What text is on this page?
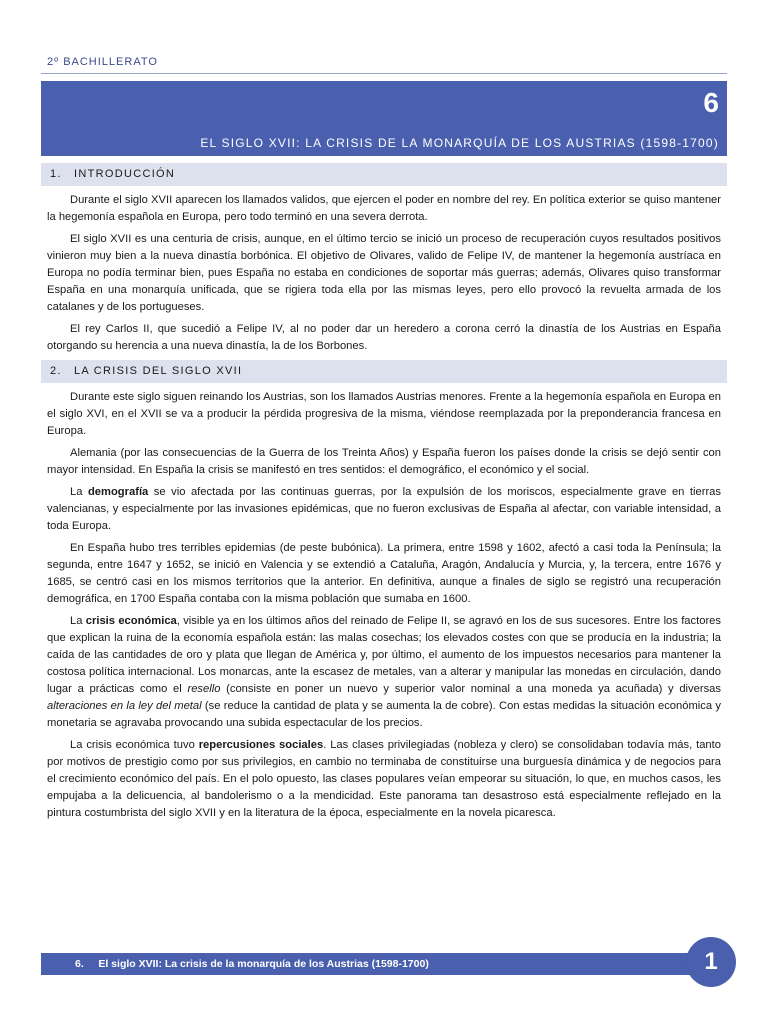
2º BACHILLERATO
6
EL SIGLO XVII: LA CRISIS DE LA MONARQUÍA DE LOS AUSTRIAS (1598-1700)
1. INTRODUCCIÓN

Durante el siglo XVII aparecen los llamados validos, que ejercen el poder en nombre del rey. En política exterior se quiso mantener la hegemonía española en Europa, pero todo terminó en una severa derrota.

El siglo XVII es una centuria de crisis, aunque, en el último tercio se inició un proceso de recuperación cuyos resultados positivos vinieron muy bien a la nueva dinastía borbónica. El objetivo de Olivares, valido de Felipe IV, de mantener la hegemonía austríaca en Europa no podía terminar bien, pues España no estaba en condiciones de soportar más guerras; además, Olivares quiso transformar España en una monarquía unificada, que se rigiera toda ella por las mismas leyes, pero ello provocó la revuelta armada de los catalanes y de los portugueses.

El rey Carlos II, que sucedió a Felipe IV, al no poder dar un heredero a corona cerró la dinastía de los Austrias en España otorgando su herencia a una nueva dinastía, la de los Borbones.

2. LA CRISIS DEL SIGLO XVII

Durante este siglo siguen reinando los Austrias, son los llamados Austrias menores. Frente a la hegemonía española en Europa en el siglo XVI, en el XVII se va a producir la pérdida progresiva de la misma, viéndose reemplazada por la preponderancia francesa en Europa.

Alemania (por las consecuencias de la Guerra de los Treinta Años) y España fueron los países donde la crisis se dejó sentir con mayor intensidad. En España la crisis se manifestó en tres sentidos: el demográfico, el económico y el social.

La demografía se vio afectada por las continuas guerras, por la expulsión de los moriscos, especialmente grave en tierras valencianas, y especialmente por las invasiones epidémicas, que no fueron exclusivas de España al afectar, con variable intensidad, a toda Europa.

En España hubo tres terribles epidemias (de peste bubónica). La primera, entre 1598 y 1602, afectó a casi toda la Península; la segunda, entre 1647 y 1652, se inició en Valencia y se extendió a Cataluña, Aragón, Andalucía y Murcia, y, la tercera, entre 1676 y 1685, se centró casi en los mismos territorios que la anterior. En definitiva, aunque a finales de siglo se registró una recuperación demográfica, en 1700 España contaba con la misma población que sumaba en 1600.

La crisis económica, visible ya en los últimos años del reinado de Felipe II, se agravó en los de sus sucesores. Entre los factores que explican la ruina de la economía española están: las malas cosechas; los elevados costes con que se producía en la industria; la caída de las cantidades de oro y plata que llegan de América y, por último, el aumento de los impuestos necesarios para mantener la costosa política internacional. Los monarcas, ante la escasez de metales, van a alterar y manipular las monedas en circulación, dando lugar a prácticas como el resello (consiste en poner un nuevo y superior valor nominal a una moneda ya acuñada) y diversas alteraciones en la ley del metal (se reduce la cantidad de plata y se aumenta la de cobre). Con estas medidas la situación económica y monetaria se agravaba provocando una subida espectacular de los precios.

La crisis económica tuvo repercusiones sociales. Las clases privilegiadas (nobleza y clero) se consolidaban todavía más, tanto por motivos de prestigio como por sus privilegios, en cambio no terminaba de constituirse una burguesía dinámica y de negocios para el crecimiento económico del país. En el polo opuesto, las clases populares veían empeorar su situación, lo que, en muchos casos, les empujaba a la delicuencia, al bandolerismo o a la mendicidad. Este panorama tan desastroso está especialmente reflejado en la pintura costumbrista del siglo XVII y en la literatura de la época, especialmente en la novela picaresca.

6.     El siglo XVII: La crisis de la monarquía de los Austrias (1598-1700)	1
